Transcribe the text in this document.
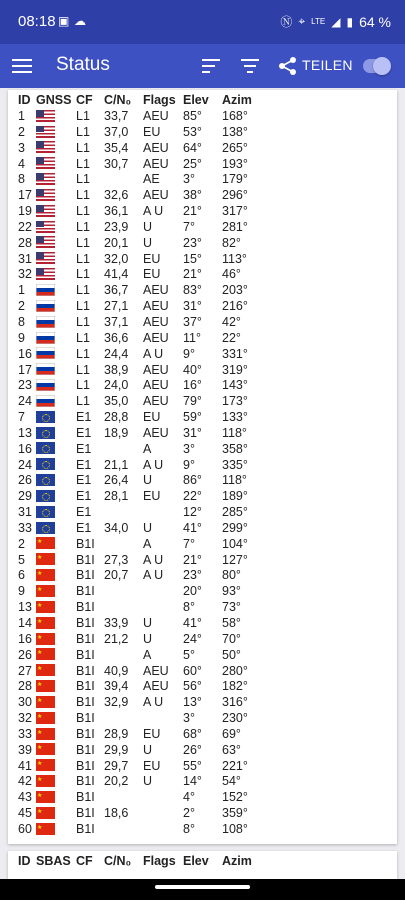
08:18 ▣ ☁	Ⓝ ⌖ LTE ◢ ▮ 64 %
Status	TEILEN
ID	GNSS	CF	C/N₀	Flags	Elev	Azim
1		L1	33,7	AEU	85°	168°
2		L1	37,0	EU	53°	138°
3		L1	35,4	AEU	64°	265°
4		L1	30,7	AEU	25°	193°
8		L1		AE	3°	179°
17		L1	32,6	AEU	38°	296°
19		L1	36,1	A U	21°	317°
22		L1	23,9	U	7°	281°
28		L1	20,1	U	23°	82°
31		L1	32,0	EU	15°	113°
32		L1	41,4	EU	21°	46°
1		L1	36,7	AEU	83°	203°
2		L1	27,1	AEU	31°	216°
8		L1	37,1	AEU	37°	42°
9		L1	36,6	AEU	11°	22°
16		L1	24,4	A U	9°	331°
17		L1	38,9	AEU	40°	319°
23		L1	24,0	AEU	16°	143°
24		L1	35,0	AEU	79°	173°
7		E1	28,8	EU	59°	133°
13		E1	18,9	AEU	31°	118°
16		E1		A	3°	358°
24		E1	21,1	A U	9°	335°
26		E1	26,4	U	86°	118°
29		E1	28,1	EU	22°	189°
31		E1			12°	285°
33		E1	34,0	U	41°	299°
2	★	B1I		A	7°	104°
5	★	B1I	27,3	A U	21°	127°
6	★	B1I	20,7	A U	23°	80°
9	★	B1I			20°	93°
13	★	B1I			8°	73°
14	★	B1I	33,9	U	41°	58°
16	★	B1I	21,2	U	24°	70°
26	★	B1I		A	5°	50°
27	★	B1I	40,9	AEU	60°	280°
28	★	B1I	39,4	AEU	56°	182°
30	★	B1I	32,9	A U	13°	316°
32	★	B1I			3°	230°
33	★	B1I	28,9	EU	68°	69°
39	★	B1I	29,9	U	26°	63°
41	★	B1I	29,7	EU	55°	221°
42	★	B1I	20,2	U	14°	54°
43	★	B1I			4°	152°
45	★	B1I	18,6		2°	359°
60	★	B1I			8°	108°
ID	SBAS	CF	C/N₀	Flags	Elev	Azim
